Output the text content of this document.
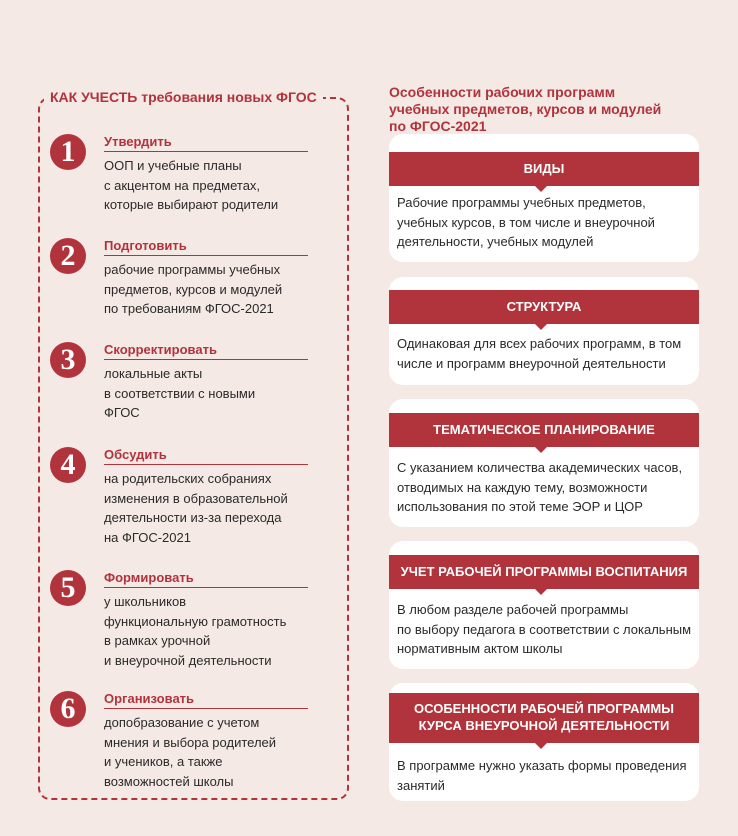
КАК УЧЕСТЬ требования новых ФГОС
1	Утвердить
ООП и учебные планы
с акцентом на предметах,
которые выбирают родители
2	Подготовить
рабочие программы учебных
предметов, курсов и модулей
по требованиям ФГОС-2021
3	Скорректировать
локальные акты
в соответствии с новыми
ФГОС
4	Обсудить
на родительских собраниях
изменения в образовательной
деятельности из-за перехода
на ФГОС-2021
5	Формировать
у школьников
функциональную грамотность
в рамках урочной
и внеурочной деятельности
6	Организовать
допобразование с учетом
мнения и выбора родителей
и учеников, а также
возможностей школы
Особенности рабочих программ
учебных предметов, курсов и модулей
по ФГОС-2021
ВИДЫ
Рабочие программы учебных предметов,
учебных курсов, в том числе и внеурочной
деятельности, учебных модулей
СТРУКТУРА
Одинаковая для всех рабочих программ, в том
числе и программ внеурочной деятельности
ТЕМАТИЧЕСКОЕ ПЛАНИРОВАНИЕ
С указанием количества академических часов,
отводимых на каждую тему, возможности
использования по этой теме ЭОР и ЦОР
УЧЕТ РАБОЧЕЙ ПРОГРАММЫ ВОСПИТАНИЯ
В любом разделе рабочей программы
по выбору педагога в соответствии с локальным
нормативным актом школы
ОСОБЕННОСТИ РАБОЧЕЙ ПРОГРАММЫ
КУРСА ВНЕУРОЧНОЙ ДЕЯТЕЛЬНОСТИ
В программе нужно указать формы проведения
занятий
